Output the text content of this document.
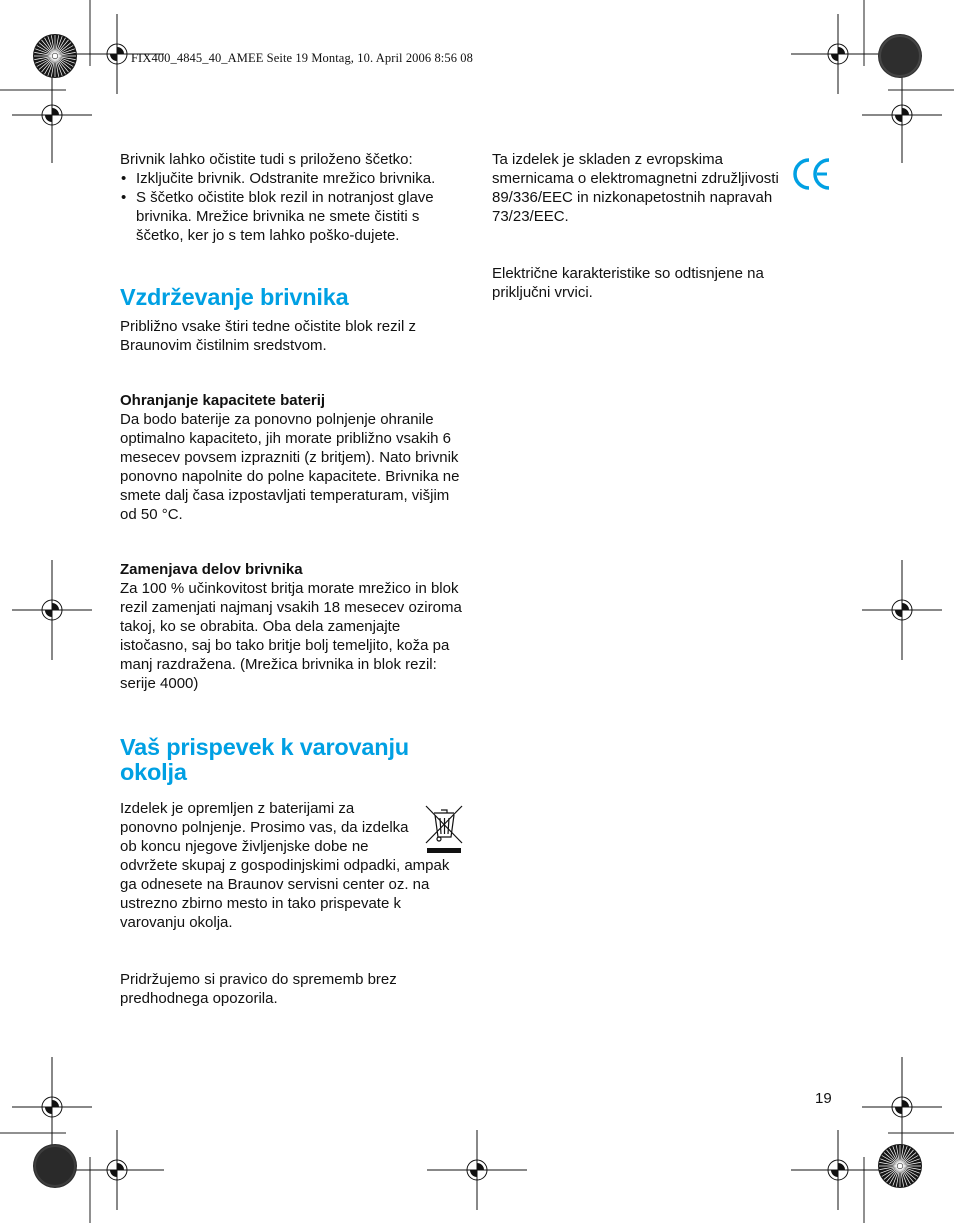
FIX400_4845_40_AMEE Seite 19 Montag, 10. April 2006 8:56 08

Brivnik lahko očistite tudi s priloženo ščetko:

• Izklјučite brivnik. Odstranite mrežico brivnika.
• S ščetko očistite blok rezil in notranjost glave brivnika. Mrežice brivnika ne smete čistiti s ščetko, ker jo s tem lahko poško-dujete.
Vzdrževanje brivnika

Približno vsake štiri tedne očistite blok rezil z Braunovim čistilnim sredstvom.

Ohranjanje kapacitete baterij

Da bodo baterije za ponovno polnjenje ohranile optimalno kapaciteto, jih morate približno vsakih 6 mesecev povsem izprazniti (z britjem). Nato brivnik ponovno napolnite do polne kapacitete. Brivnika ne smete dalj časa izpostavljati temperaturam, višjim od 50 °C.

Zamenjava delov brivnika

Za 100 % učinkovitost britja morate mrežico in blok rezil zamenjati najmanj vsakih 18 mesecev oziroma takoj, ko se obrabita. Oba dela zamenjajte istočasno, saj bo tako britje bolj temeljito, koža pa manj razdražena. (Mrežica brivnika in blok rezil: serije 4000)

Vaš prispevek k varovanju okolja

Izdelek je opremljen z baterijami za ponovno polnjenje. Prosimo vas, da izdelka ob koncu njegove življenjske dobe ne odvržete skupaj z gospodinjskimi odpadki, ampak ga odnesete na Braunov servisni center oz. na ustrezno zbirno mesto in tako prispevate k varovanju okolja.

Pridržujemo si pravico do sprememb brez predhodnega opozorila.

Ta izdelek je skladen z evropskima smernicama o elektromagnetni združljivosti 89/336/EEC in nizkonapetostnih napravah 73/23/EEC.

Električne karakteristike so odtisnjene na priključni vrvici.

19
